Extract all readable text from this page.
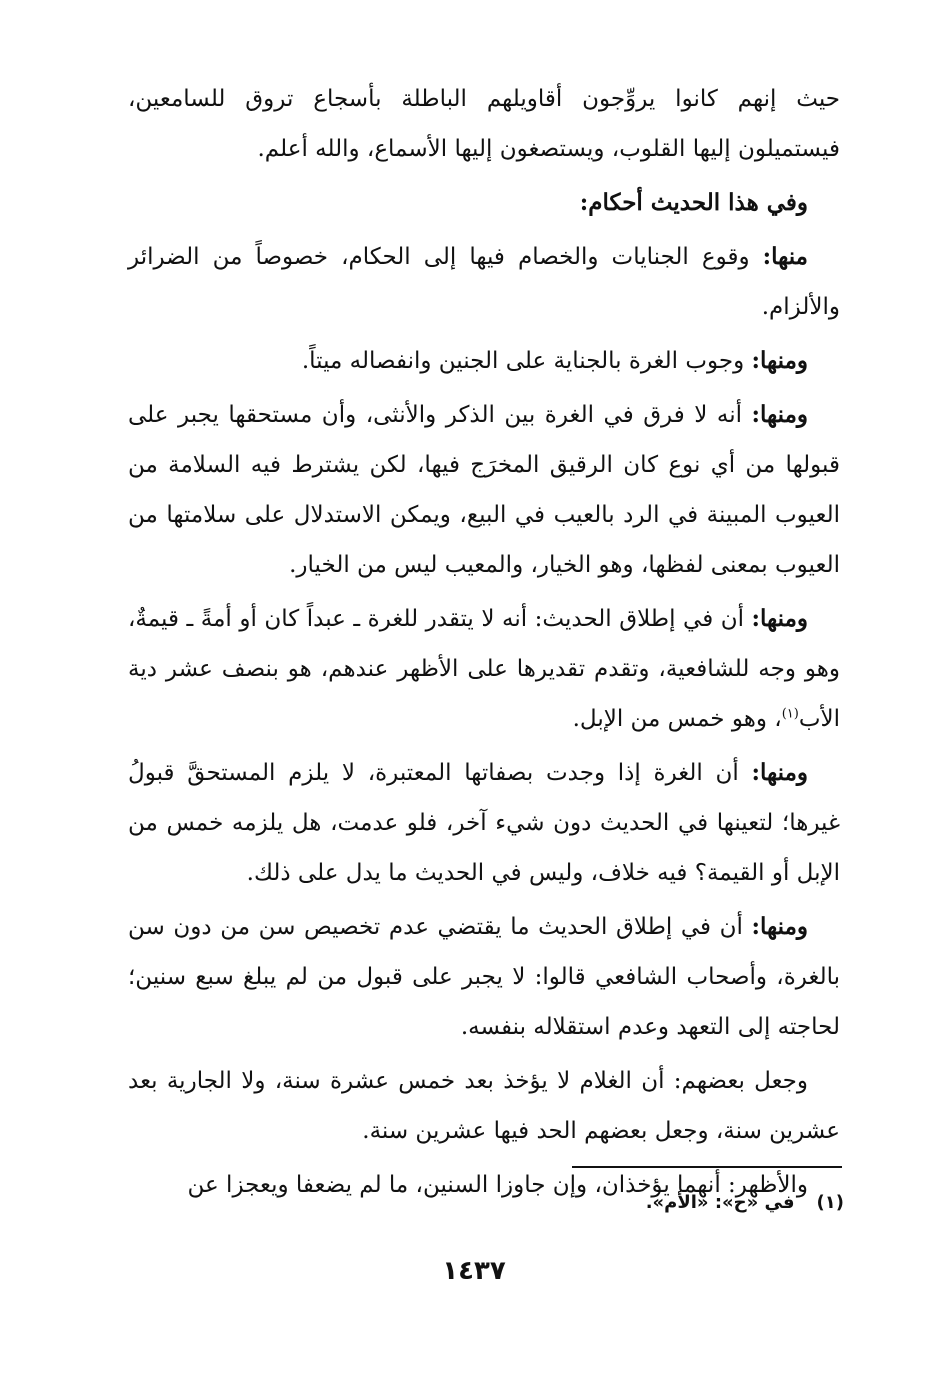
حيث إنهم كانوا يروِّجون أقاويلهم الباطلة بأسجاع تروق للسامعين، فيستميلون إليها القلوب، ويستصغون إليها الأسماع، والله أعلم.

وفي هذا الحديث أحكام:

منها: وقوع الجنايات والخصام فيها إلى الحكام، خصوصاً من الضرائر والألزام.

ومنها: وجوب الغرة بالجناية على الجنين وانفصاله ميتاً.

ومنها: أنه لا فرق في الغرة بين الذكر والأنثى، وأن مستحقها يجبر على قبولها من أي نوع كان الرقيق المخرَج فيها، لكن يشترط فيه السلامة من العيوب المبينة في الرد بالعيب في البيع، ويمكن الاستدلال على سلامتها من العيوب بمعنى لفظها، وهو الخيار، والمعيب ليس من الخيار.

ومنها: أن في إطلاق الحديث: أنه لا يتقدر للغرة ـ عبداً كان أو أمةً ـ قيمةٌ، وهو وجه للشافعية، وتقدم تقديرها على الأظهر عندهم، هو بنصف عشر دية الأب$^{(١)}$، وهو خمس من الإبل.

ومنها: أن الغرة إذا وجدت بصفاتها المعتبرة، لا يلزم المستحقَّ قبولُ غيرها؛ لتعينها في الحديث دون شيء آخر، فلو عدمت، هل يلزمه خمس من الإبل أو القيمة؟ فيه خلاف، وليس في الحديث ما يدل على ذلك.

ومنها: أن في إطلاق الحديث ما يقتضي عدم تخصيص سن من دون سن بالغرة، وأصحاب الشافعي قالوا: لا يجبر على قبول من لم يبلغ سبع سنين؛ لحاجته إلى التعهد وعدم استقلاله بنفسه.

وجعل بعضهم: أن الغلام لا يؤخذ بعد خمس عشرة سنة، ولا الجارية بعد عشرين سنة، وجعل بعضهم الحد فيها عشرين سنة.

والأظهر: أنهما يؤخذان، وإن جاوزا السنين، ما لم يضعفا ويعجزا عن

(١)في «ح»: «الأم».
١٤٣٧
